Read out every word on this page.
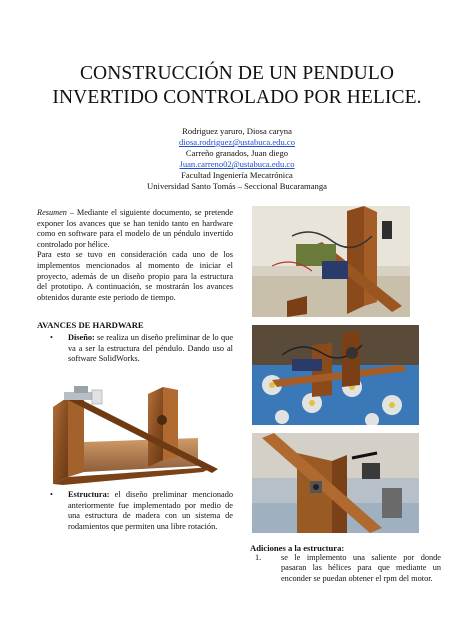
CONSTRUCCIÓN DE UN PENDULO
INVERTIDO CONTROLADO POR HELICE.
Rodriguez yaruro, Diosa caryna
diosa.rodriguez@ustabuca.edu.co
Carreño granados, Juan diego
Juan.carreno02@ustabuca.edu.co
Facultad Ingeniería Mecatrónica
Universidad Santo Tomás – Seccional Bucaramanga
Resumen – Mediante el siguiente documento, se pretende exponer los avances que se han tenido tanto en hardware como en software para el modelo de un péndulo invertido controlado por hélice.
Para esto se tuvo en consideración cada uno de los implementos mencionados al momento de iniciar el proyecto, además de un diseño propio para la estructura del prototipo. A continuación, se mostrarán los avances obtenidos durante este periodo de tiempo.
AVANCES DE HARDWARE
• Diseño: se realiza un diseño preliminar de lo que va a ser la estructura del péndulo. Dando uso al software SolidWorks.
• Estructura: el diseño preliminar mencionado anteriormente fue implementado por medio de una estructura de madera con un sistema de rodamientos que permiten una libre rotación.
Adiciones a la estructura:
1. se le implemento una saliente por donde pasaran las hélices para que mediante un enconder se puedan obtener el rpm del motor.
